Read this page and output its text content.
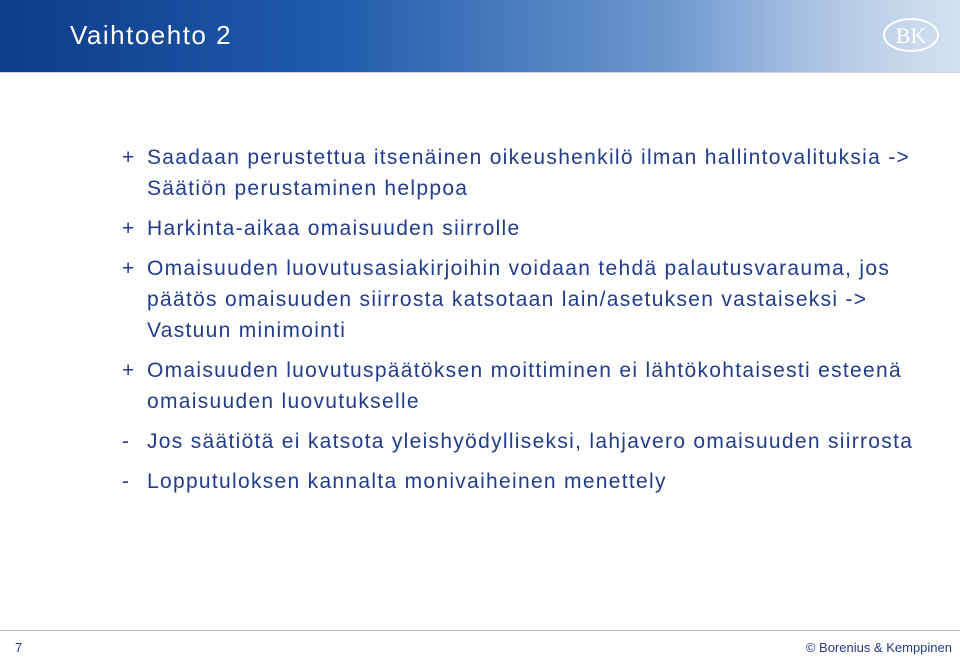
Vaihtoehto 2	BK
+ Saadaan perustettua itsenäinen oikeushenkilö ilman hallintovalituksia -> Säätiön perustaminen helppoa
+ Harkinta-aikaa omaisuuden siirrolle
+ Omaisuuden luovutusasiakirjoihin voidaan tehdä palautusvarauma, jos päätös omaisuuden siirrosta katsotaan lain/asetuksen vastaiseksi -> Vastuun minimointi
+ Omaisuuden luovutuspäätöksen moittiminen ei lähtökohtaisesti esteenä omaisuuden luovutukselle
- Jos säätiötä ei katsota yleishyödylliseksi, lahjavero omaisuuden siirrosta
- Lopputuloksen kannalta monivaiheinen menettely
7	© Borenius & Kemppinen
